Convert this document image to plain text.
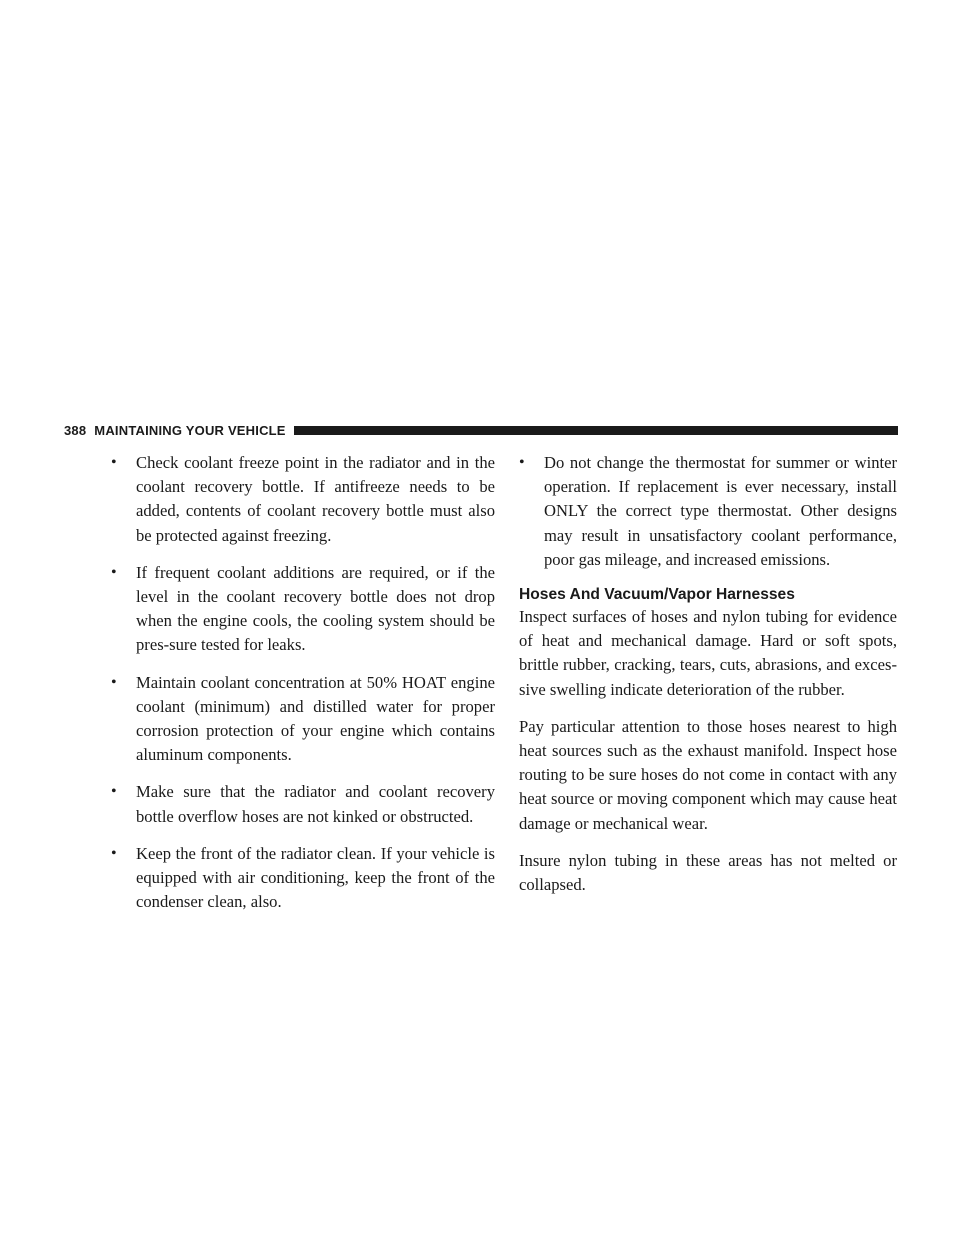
388 MAINTAINING YOUR VEHICLE
• Check coolant freeze point in the radiator and in the coolant recovery bottle. If antifreeze needs to be added, contents of coolant recovery bottle must also be protected against freezing.
• If frequent coolant additions are required, or if the level in the coolant recovery bottle does not drop when the engine cools, the cooling system should be pres-sure tested for leaks.
• Maintain coolant concentration at 50% HOAT engine coolant (minimum) and distilled water for proper corrosion protection of your engine which contains aluminum components.
• Make sure that the radiator and coolant recovery bottle overflow hoses are not kinked or obstructed.
• Keep the front of the radiator clean. If your vehicle is equipped with air conditioning, keep the front of the condenser clean, also.
• Do not change the thermostat for summer or winter operation. If replacement is ever necessary, install ONLY the correct type thermostat. Other designs may result in unsatisfactory coolant performance, poor gas mileage, and increased emissions.
Hoses And Vacuum/Vapor Harnesses

Inspect surfaces of hoses and nylon tubing for evidence of heat and mechanical damage. Hard or soft spots, brittle rubber, cracking, tears, cuts, abrasions, and exces-sive swelling indicate deterioration of the rubber.

Pay particular attention to those hoses nearest to high heat sources such as the exhaust manifold. Inspect hose routing to be sure hoses do not come in contact with any heat source or moving component which may cause heat damage or mechanical wear.

Insure nylon tubing in these areas has not melted or collapsed.
